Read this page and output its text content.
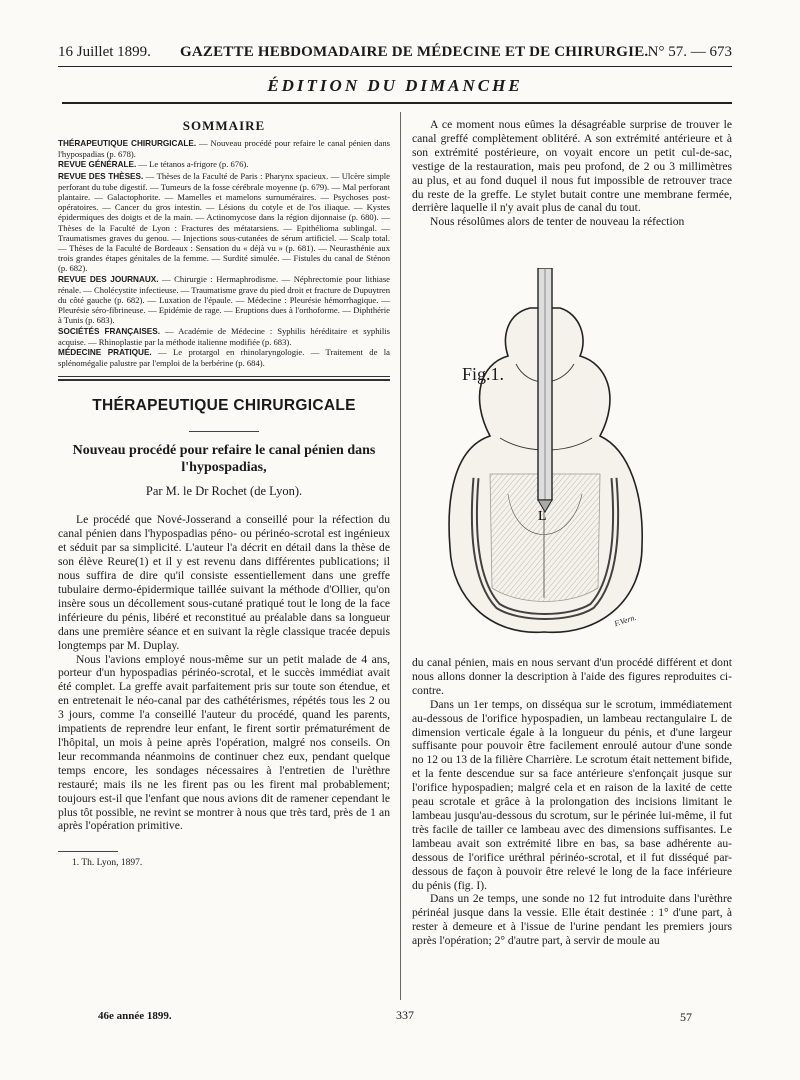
16 Juillet 1899. GAZETTE HEBDOMADAIRE DE MÉDECINE ET DE CHIRURGIE. N° 57. — 673
ÉDITION DU DIMANCHE
SOMMAIRE

THÉRAPEUTIQUE CHIRURGICALE. — Nouveau procédé pour refaire le canal pénien dans l'hypospadias (p. 678).

REVUE GÉNÉRALE. — Le tétanos a-frigore (p. 676).

REVUE DES THÈSES. — Thèses de la Faculté de Paris : Pharynx spacieux. — Ulcère simple perforant du tube digestif. — Tumeurs de la fosse cérébrale moyenne (p. 679). — Mal perforant plantaire. — Galactophorite. — Mamelles et mamelons surnuméraires. — Psychoses post-opératoires. — Cancer du gros intestin. — Lésions du cotyle et de l'os iliaque. — Kystes épidermiques des doigts et de la main. — Actinomycose dans la région dijonnaise (p. 680). — Thèses de la Faculté de Lyon : Fractures des métatarsiens. — Epithélioma sublingal. — Traumatismes graves du genou. — Injections sous-cutanées de sérum artificiel. — Scalp total. — Thèses de la Faculté de Bordeaux : Sensation du « déjà vu » (p. 681). — Neurasthénie aux trois grandes étapes génitales de la femme. — Surdité simulée. — Fistules du canal de Sténon (p. 682).

REVUE DES JOURNAUX. — Chirurgie : Hermaphrodisme. — Néphrectomie pour lithiase rénale. — Cholécystite infectieuse. — Traumatisme grave du pied droit et fracture de Dupuytren du côté gauche (p. 682). — Luxation de l'épaule. — Médecine : Pleurésie hémorrhagique. — Pleurésie séro-fibrineuse. — Epidémie de rage. — Eruptions dues à l'orthoforme. — Diphthérie à Tunis (p. 683).

SOCIÉTÉS FRANÇAISES. — Académie de Médecine : Syphilis héréditaire et syphilis acquise. — Rhinoplastie par la méthode italienne modifiée (p. 683).

MÉDECINE PRATIQUE. — Le protargol en rhinolaryngologie. — Traitement de la splénomégalie palustre par l'emploi de la berbérine (p. 684).

THÉRAPEUTIQUE CHIRURGICALE
Nouveau procédé pour refaire le canal pénien dans l'hypospadias,
Par M. le Dr Rochet (de Lyon).

Le procédé que Nové-Josserand a conseillé pour la réfection du canal pénien dans l'hypospadias péno- ou périnéo-scrotal est ingénieux et séduit par sa simplicité. L'auteur l'a décrit en détail dans la thèse de son élève Reure(1) et il y est revenu dans différentes publications; il nous suffira de dire qu'il consiste essentiellement dans une greffe tubulaire dermo-épidermique taillée suivant la méthode d'Ollier, qu'on insère sous un décollement sous-cutané pratiqué tout le long de la face inférieure du pénis, libéré et reconstitué au préalable dans sa longueur dans une première séance et en suivant la règle classique tracée depuis longtemps par M. Duplay.

Nous l'avions employé nous-même sur un petit malade de 4 ans, porteur d'un hypospadias périnéo-scrotal, et le succès immédiat avait été complet. La greffe avait parfaitement pris sur toute son étendue, et en entretenait le néo-canal par des cathétérismes, répétés tous les 2 ou 3 jours, comme l'a conseillé l'auteur du procédé, quand les parents, impatients de reprendre leur enfant, le firent sortir prématurément de l'hôpital, un mois à peine après l'opération, malgré nos conseils. On leur recommanda néanmoins de continuer chez eux, pendant quelque temps encore, les sondages nécessaires à l'entretien de l'urèthre restauré; mais ils ne les firent pas ou les firent mal probablement; toujours est-il que l'enfant que nous avions dit de ramener cependant le plus tôt possible, ne revint se montrer à nous que très tard, près de 1 an après l'opération primitive.

1. Th. Lyon, 1897.

A ce moment nous eûmes la désagréable surprise de trouver le canal greffé complètement oblitéré. A son extrémité antérieure et à son extrémité postérieure, on voyait encore un petit cul-de-sac, vestige de la restauration, mais peu profond, de 2 ou 3 millimètres au plus, et au fond duquel il nous fut impossible de retrouver trace du reste de la greffe. Le stylet butait contre une membrane fermée, derrière laquelle il n'y avait plus de canal du tout.

Nous résolûmes alors de tenter de nouveau la réfection

L
Fig.1.
F.Vern.

du canal pénien, mais en nous servant d'un procédé différent et dont nous allons donner la description à l'aide des figures reproduites ci-contre.

Dans un 1er temps, on disséqua sur le scrotum, immédiatement au-dessous de l'orifice hypospadien, un lambeau rectangulaire L de dimension verticale égale à la longueur du pénis, et d'une largeur suffisante pour pouvoir être facilement enroulé autour d'une sonde no 12 ou 13 de la filière Charrière. Le scrotum était nettement bifide, et la fente descendue sur sa face antérieure s'enfonçait jusque sur l'orifice hypospadien; malgré cela et en raison de la laxité de cette peau scrotale et grâce à la prolongation des incisions limitant le lambeau jusqu'au-dessous du scrotum, sur le périnée lui-même, il fut très facile de tailler ce lambeau avec des dimensions suffisantes. Le lambeau avait son extrémité libre en bas, sa base adhérente au-dessous de l'orifice uréthral périnéo-scrotal, et il fut disséqué par-dessous de façon à pouvoir être relevé le long de la face inférieure du pénis (fig. I).

Dans un 2e temps, une sonde no 12 fut introduite dans l'urèthre périnéal jusque dans la vessie. Elle était destinée : 1° d'une part, à rester à demeure et à l'issue de l'urine pendant les premiers jours après l'opération; 2° d'autre part, à servir de moule au

46e année 1899.	337	57
